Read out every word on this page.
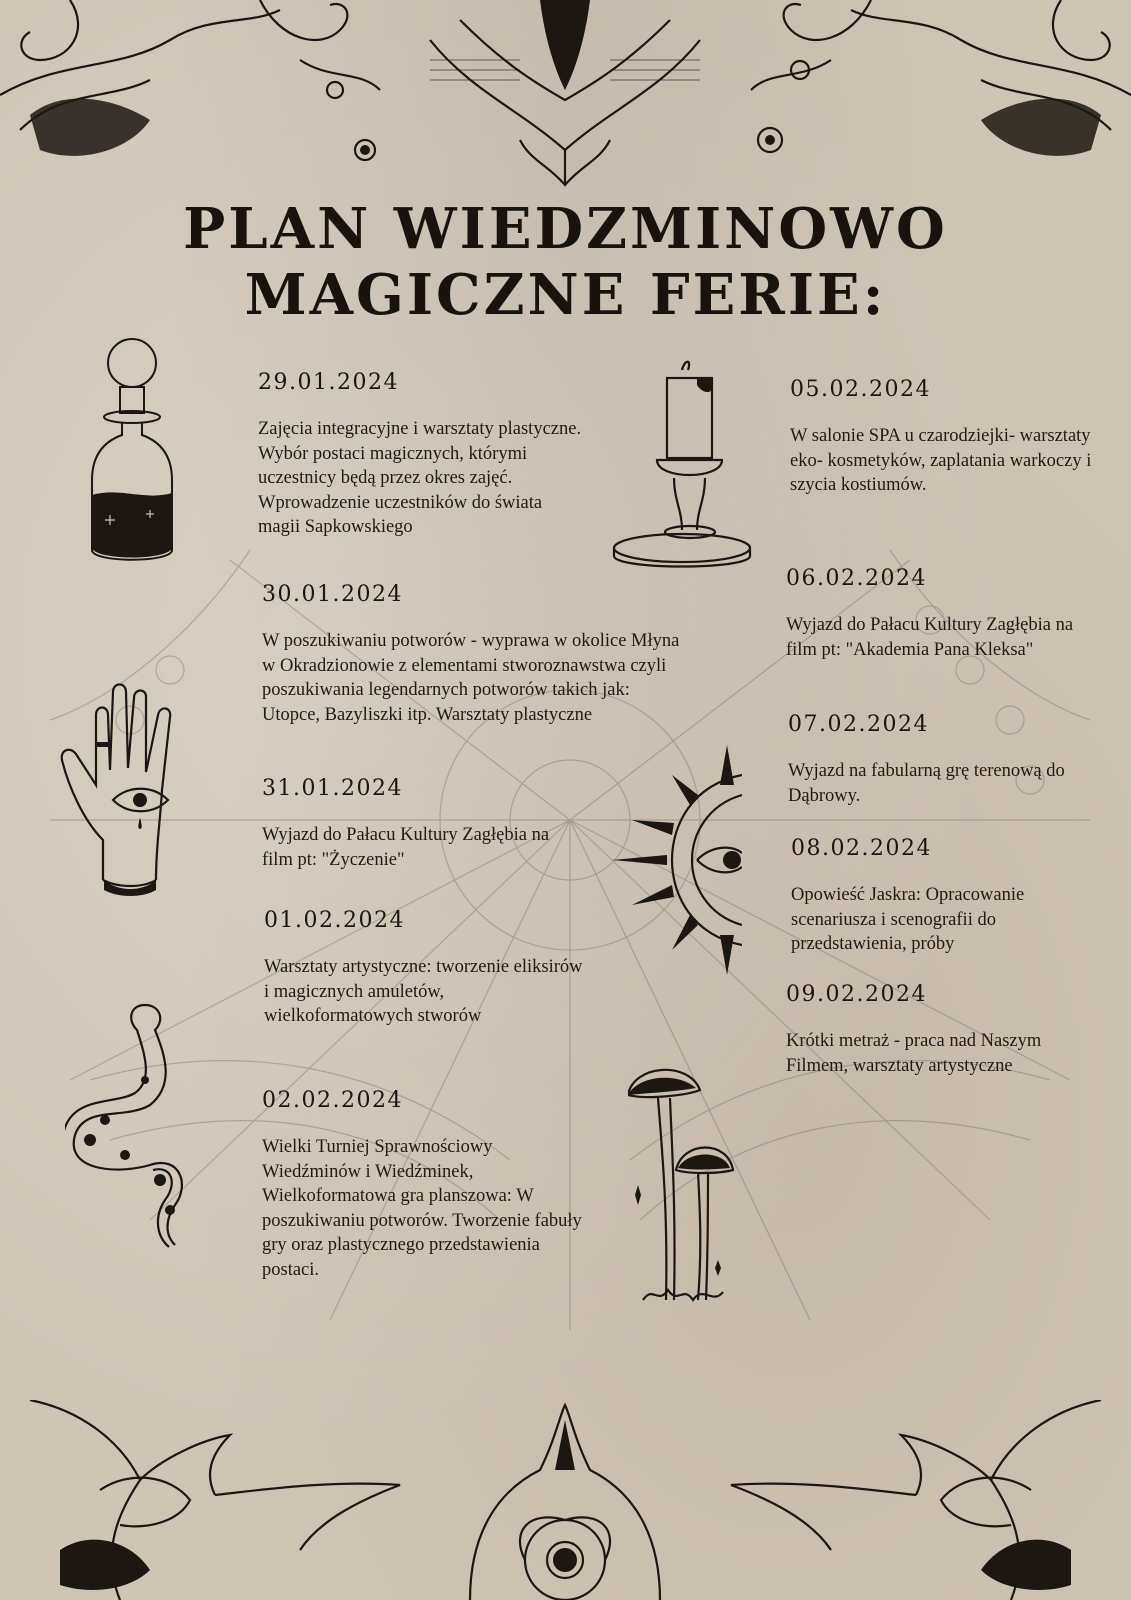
PLAN WIEDZMINOWO
MAGICZNE FERIE:

29.01.2024

Zajęcia integracyjne i warsztaty plastyczne. Wybór postaci magicznych, którymi uczestnicy będą przez okres zajęć. Wprowadzenie uczestników do świata magii Sapkowskiego

30.01.2024

W poszukiwaniu potworów - wyprawa w okolice Młyna w Okradzionowie z elementami stworoznawstwa czyli poszukiwania legendarnych potworów takich jak: Utopce, Bazyliszki itp. Warsztaty plastyczne

31.01.2024

Wyjazd do Pałacu Kultury Zagłębia na film pt: "Życzenie"

01.02.2024

Warsztaty artystyczne: tworzenie eliksirów i magicznych amuletów, wielkoformatowych stworów

02.02.2024

Wielki Turniej Sprawnościowy Wiedźminów i Wiedźminek, Wielkoformatowa gra planszowa: W poszukiwaniu potworów. Tworzenie fabuły gry oraz plastycznego przedstawienia postaci.

05.02.2024

W salonie SPA u czarodziejki- warsztaty eko- kosmetyków, zaplatania warkoczy i szycia kostiumów.

06.02.2024

Wyjazd do Pałacu Kultury Zagłębia na film pt: "Akademia Pana Kleksa"

07.02.2024

Wyjazd na fabularną grę terenową do Dąbrowy.

08.02.2024

Opowieść Jaskra: Opracowanie scenariusza i scenografii do przedstawienia, próby

09.02.2024

Krótki metraż - praca nad Naszym Filmem, warsztaty artystyczne
